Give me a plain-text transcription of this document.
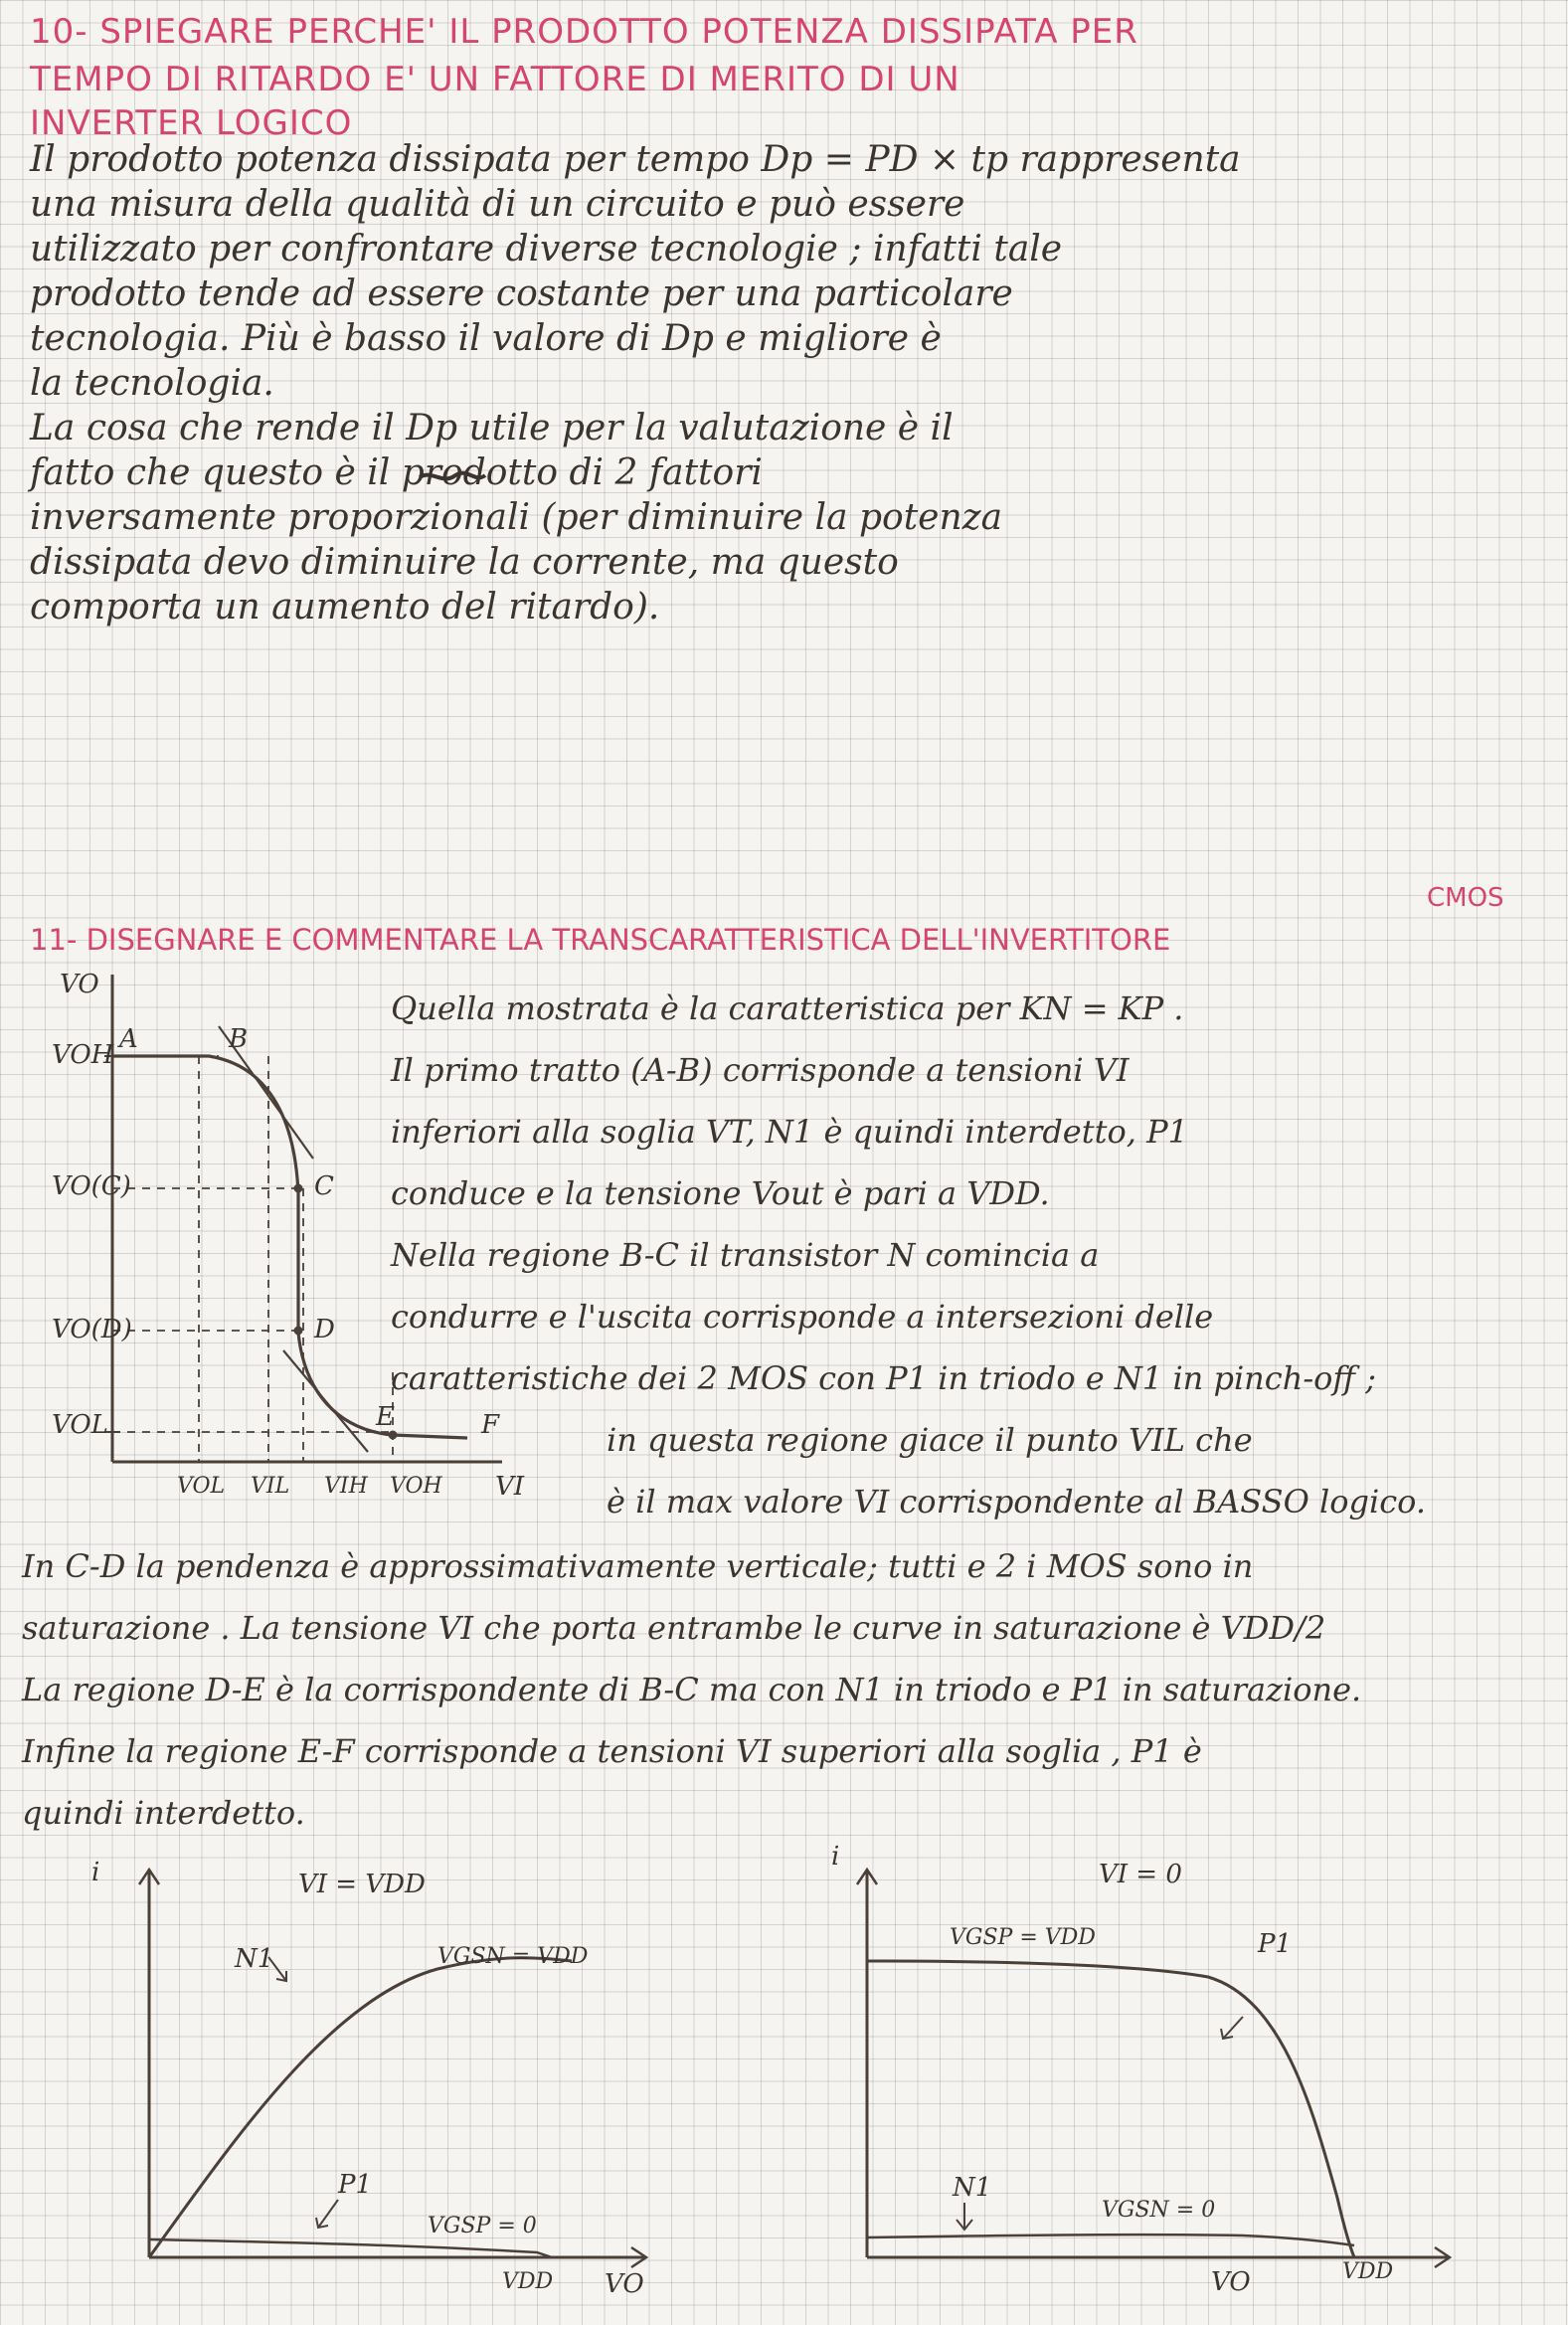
10- SPIEGARE PERCHE' IL PRODOTTO POTENZA DISSIPATA PER
TEMPO DI RITARDO E' UN FATTORE DI MERITO DI UN
INVERTER LOGICO
Il prodotto potenza dissipata per tempo Dp = PD × tp rappresenta
una misura della qualità di un circuito e può essere
utilizzato per confrontare diverse tecnologie ; infatti tale
prodotto tende ad essere costante per una particolare
tecnologia. Più è basso il valore di Dp e migliore è
la tecnologia.
La cosa che rende il Dp utile per la valutazione è il
fatto che questo è il prodotto di 2 fattori
inversamente proporzionali (per diminuire la potenza
dissipata devo diminuire la corrente, ma questo
comporta un aumento del ritardo).
CMOS
11- DISEGNARE E COMMENTARE LA TRANSCARATTERISTICA DELL'INVERTITORE
Quella mostrata è la caratteristica per KN = KP .
Il primo tratto (A-B) corrisponde a tensioni VI
inferiori alla soglia VT, N1 è quindi interdetto, P1
conduce e la tensione Vout è pari a VDD.
Nella regione B-C il transistor N comincia a
condurre e l'uscita corrisponde a intersezioni delle
caratteristiche dei 2 MOS con P1 in triodo e N1 in pinch-off ;
in questa regione giace il punto VIL che
è il max valore VI corrispondente al BASSO logico.
In C-D la pendenza è approssimativamente verticale; tutti e 2 i MOS sono in
saturazione . La tensione VI che porta entrambe le curve in saturazione è VDD/2
La regione D-E è la corrispondente di B-C ma con N1 in triodo e P1 in saturazione.
Infine la regione E-F corrisponde a tensioni VI superiori alla soglia , P1 è
quindi interdetto.
VO
VOH
VO(C)
VO(D)
VOL
VI
VOL VIL VIH VOH
A	B
C
D
E	F
i	VI = VDD
N1	VGSN = VDD
P1
VGSP = 0
VDD VO
i
VI = 0
VGSP = VDD	P1
N1
VGSN = 0
VO	VDD
